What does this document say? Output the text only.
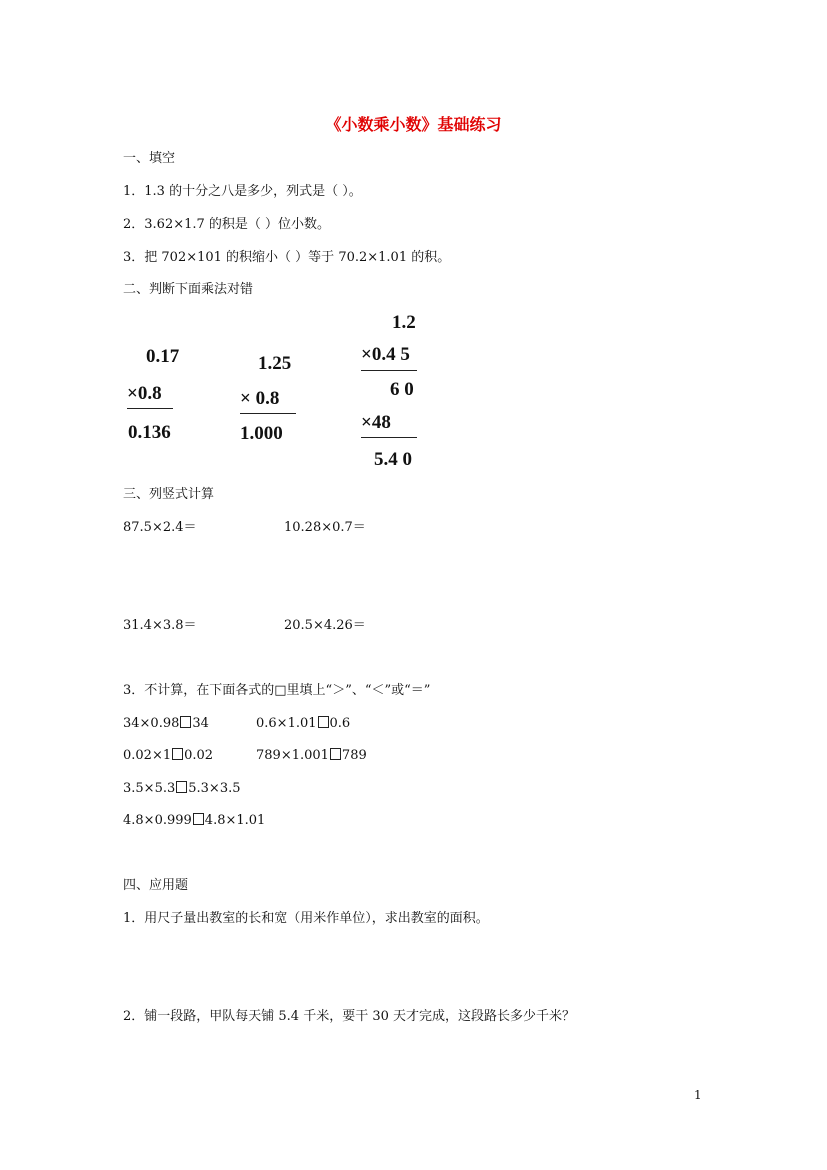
《小数乘小数》基础练习
一、填空
1．1.3 的十分之八是多少，列式是（ ）。
2．3.62×1.7 的积是（ ）位小数。
3．把 702×101 的积缩小（ ）等于 70.2×1.01 的积。
二、判断下面乘法对错
0.17
×0.8
0.136
1.25
× 0.8
1.000
1.2
×0.4 5
6 0
×48
5.4 0
三、列竖式计算
87.5×2.4＝	10.28×0.7＝
31.4×3.8＝	20.5×4.26＝
3．不计算，在下面各式的□里填上“＞”、“＜”或“＝”
34×0.98 34	0.6×1.01 0.6
0.02×1 0.02	789×1.001 789
3.5×5.3 5.3×3.5
4.8×0.999 4.8×1.01
四、应用题
1．用尺子量出教室的长和宽（用米作单位），求出教室的面积。
2．铺一段路，甲队每天铺 5.4 千米，要干 30 天才完成，这段路长多少千米？
1
